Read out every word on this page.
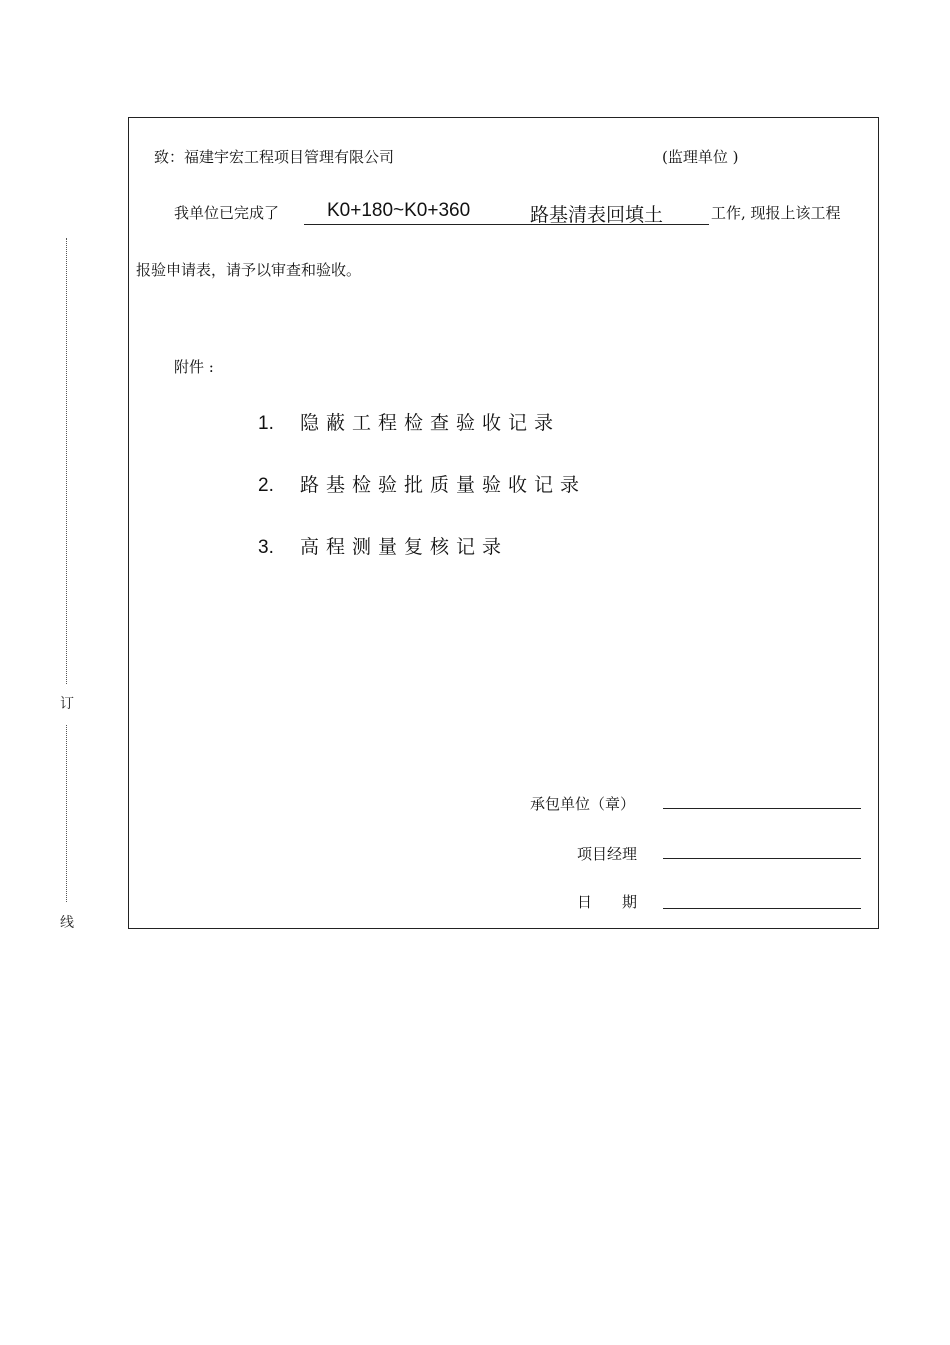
订
线
致：福建宇宏工程项目管理有限公司	(监理单位 )
我单位已完成了	K0+180~K0+360	路基清表回填土	工作, 现报上该工程
报验申请表，请予以审查和验收。
附件 :
1. 隐蔽工程检查验收记录
2. 路基检验批质量验收记录
3. 高程测量复核记录
承包单位（章）
项目经理
日　　期
